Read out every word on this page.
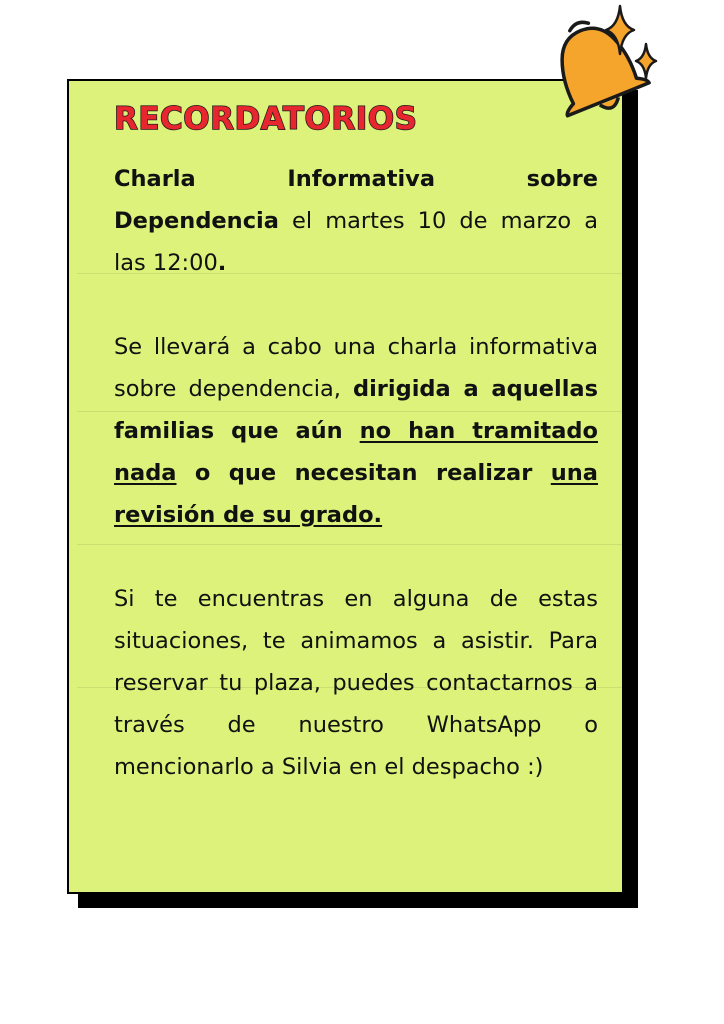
RECORDATORIOS

Charla Informativa sobre Dependencia el martes 10 de marzo a las 12:00.

Se llevará a cabo una charla informativa sobre dependencia, dirigida a aquellas familias que aún no han tramitado nada o que necesitan realizar una revisión de su grado.

Si te encuentras en alguna de estas situaciones, te animamos a asistir. Para reservar tu plaza, puedes contactarnos a través de nuestro WhatsApp o mencionarlo a Silvia en el despacho :)
